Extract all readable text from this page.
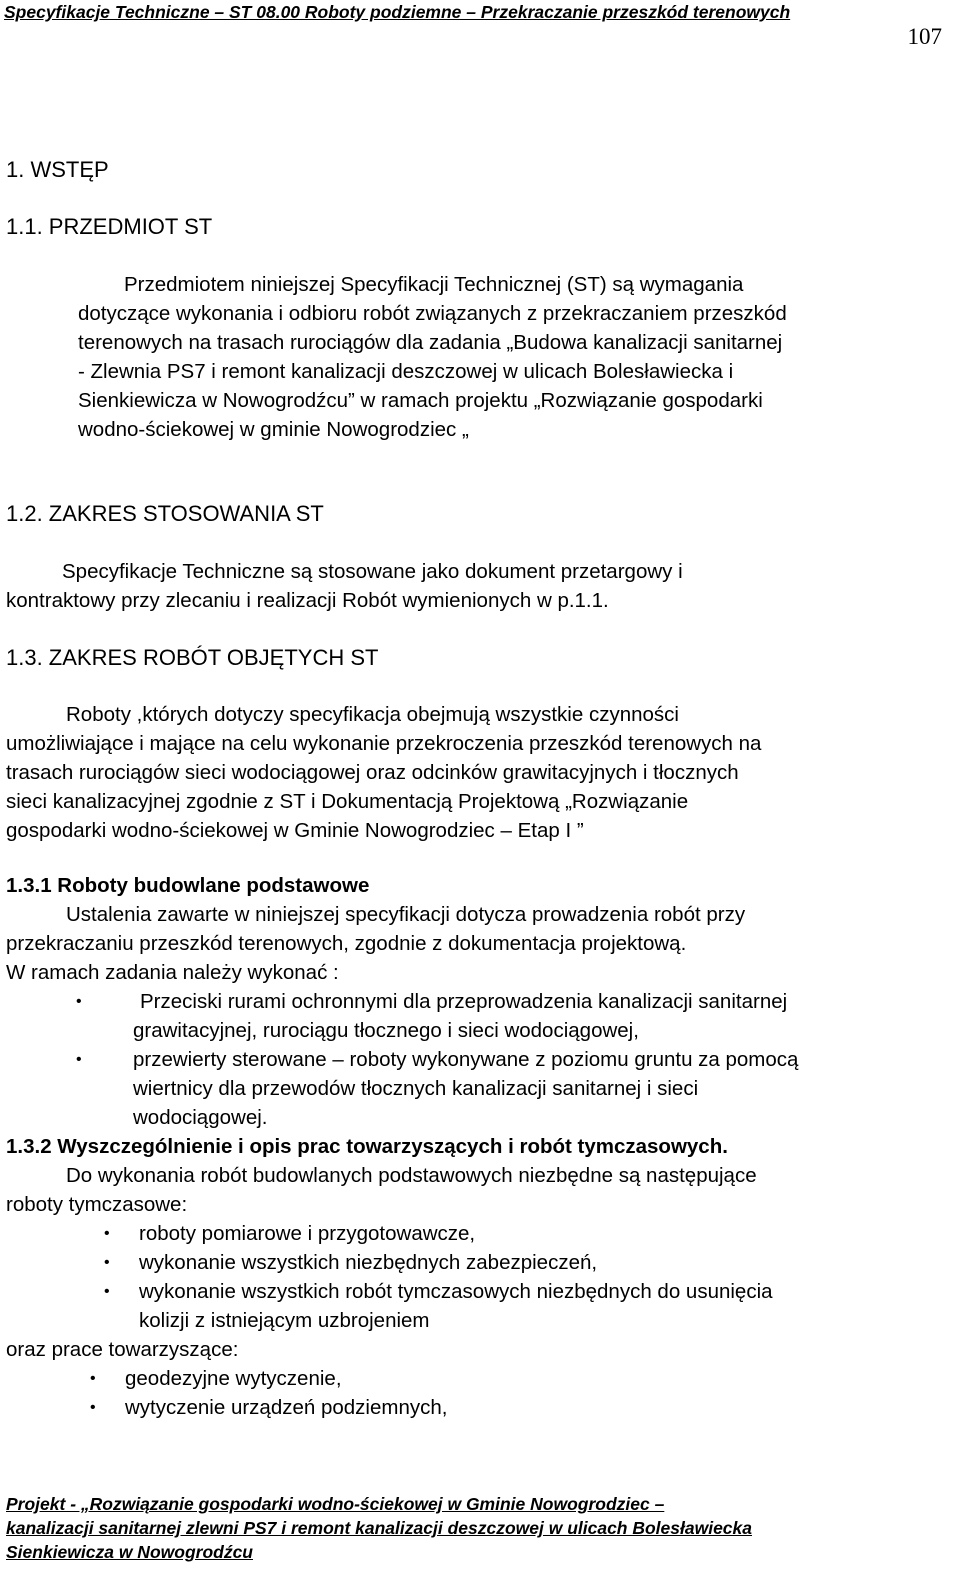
Specyfikacje Techniczne – ST 08.00 Roboty podziemne – Przekraczanie przeszkód terenowych
107
1. WSTĘP
1.1. PRZEDMIOT ST
Przedmiotem niniejszej Specyfikacji Technicznej (ST) są wymagania
dotyczące wykonania i odbioru robót związanych z przekraczaniem przeszkód
terenowych na trasach rurociągów dla zadania „Budowa kanalizacji sanitarnej
- Zlewnia PS7 i remont kanalizacji deszczowej w ulicach Bolesławiecka i
Sienkiewicza w Nowogrodźcu” w ramach projektu „Rozwiązanie gospodarki
wodno-ściekowej w gminie Nowogrodziec „
1.2. ZAKRES STOSOWANIA ST
Specyfikacje Techniczne są stosowane jako dokument przetargowy i
kontraktowy przy zlecaniu i realizacji Robót wymienionych w p.1.1.
1.3. ZAKRES ROBÓT OBJĘTYCH ST
Roboty ,których dotyczy specyfikacja obejmują wszystkie czynności
umożliwiające i mające na celu wykonanie przekroczenia przeszkód terenowych na
trasach rurociągów sieci wodociągowej oraz odcinków grawitacyjnych i tłocznych
sieci kanalizacyjnej zgodnie z ST i Dokumentacją Projektową „Rozwiązanie
gospodarki wodno-ściekowej w Gminie Nowogrodziec – Etap I ”
1.3.1 Roboty budowlane podstawowe
Ustalenia zawarte w niniejszej specyfikacji dotycza prowadzenia robót przy
przekraczaniu przeszkód terenowych, zgodnie z dokumentacja projektową.
W ramach zadania należy wykonać :
•	Przeciski rurami ochronnymi dla przeprowadzenia kanalizacji sanitarnej
grawitacyjnej, rurociągu tłocznego i sieci wodociągowej,
•	przewierty sterowane – roboty wykonywane z poziomu gruntu za pomocą
wiertnicy dla przewodów tłocznych kanalizacji sanitarnej i sieci
wodociągowej.
1.3.2 Wyszczególnienie i opis prac towarzyszących i robót tymczasowych.
Do wykonania robót budowlanych podstawowych niezbędne są następujące
roboty tymczasowe:
• roboty pomiarowe i przygotowawcze,
• wykonanie wszystkich niezbędnych zabezpieczeń,
• wykonanie wszystkich robót tymczasowych niezbędnych do usunięcia
kolizji z istniejącym uzbrojeniem
oraz prace towarzyszące:
• geodezyjne wytyczenie,
• wytyczenie urządzeń podziemnych,
Projekt - „Rozwiązanie gospodarki wodno-ściekowej w Gminie Nowogrodziec –
kanalizacji sanitarnej zlewni PS7 i remont kanalizacji deszczowej w ulicach Bolesławiecka
Sienkiewicza w Nowogrodźcu
